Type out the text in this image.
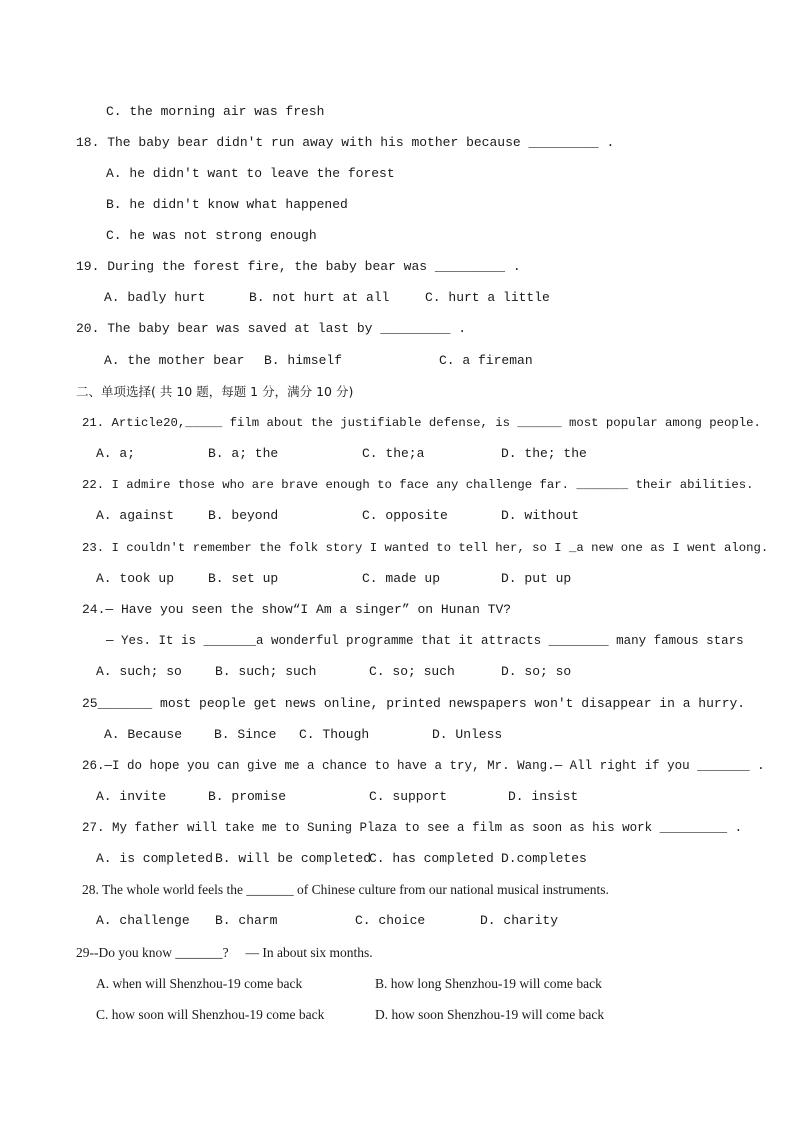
C. the morning air was fresh
18. The baby bear didn't run away with his mother because _________ .
A. he didn't want to leave the forest
B. he didn't know what happened
C. he was not strong enough
19. During the forest fire, the baby bear was _________ .
A. badly hurt	B. not hurt at all	C. hurt a little
20. The baby bear was saved at last by _________ .
A. the mother bear B. himself	C. a fireman
二、单项选择( 共 10 题，每题 1 分，满分 10 分)
21. Article20,_____ film about the justifiable defense, is ______ most popular among people.
A. a;	B. a; the	C. the;a	D. the; the
22. I admire those who are brave enough to face any challenge far. _______ their abilities.
A. against	B. beyond	C. opposite	D. without
23. I couldn't remember the folk story I wanted to tell her, so I _a new one as I went along.
A. took up	B. set up	C. made up	D. put up
24.— Have you seen the show“I Am a singer” on Hunan TV?
— Yes. It is _______a wonderful programme that it attracts ________ many famous stars
A. such; so	B. such; such	C. so; such	D. so; so
25_______ most people get news online, printed newspapers won't disappear in a hurry.
A. Because B. Since C. Though	D. Unless
26.—I do hope you can give me a chance to have a try, Mr. Wang.— All right if you _______ .
A. invite	B. promise	C. support	D. insist
27. My father will take me to Suning Plaza to see a film as soon as his work _________ .
A. is completed B. will be completed
C. has completed D.completes
28. The whole world feels the _______ of Chinese culture from our national musical instruments.
A. challenge B. charm	C. choice	D. charity
29--Do you know _______?     — In about six months.
A. when will Shenzhou-19 come back	B. how long Shenzhou-19 will come back
C. how soon will Shenzhou-19 come back	D. how soon Shenzhou-19 will come back
